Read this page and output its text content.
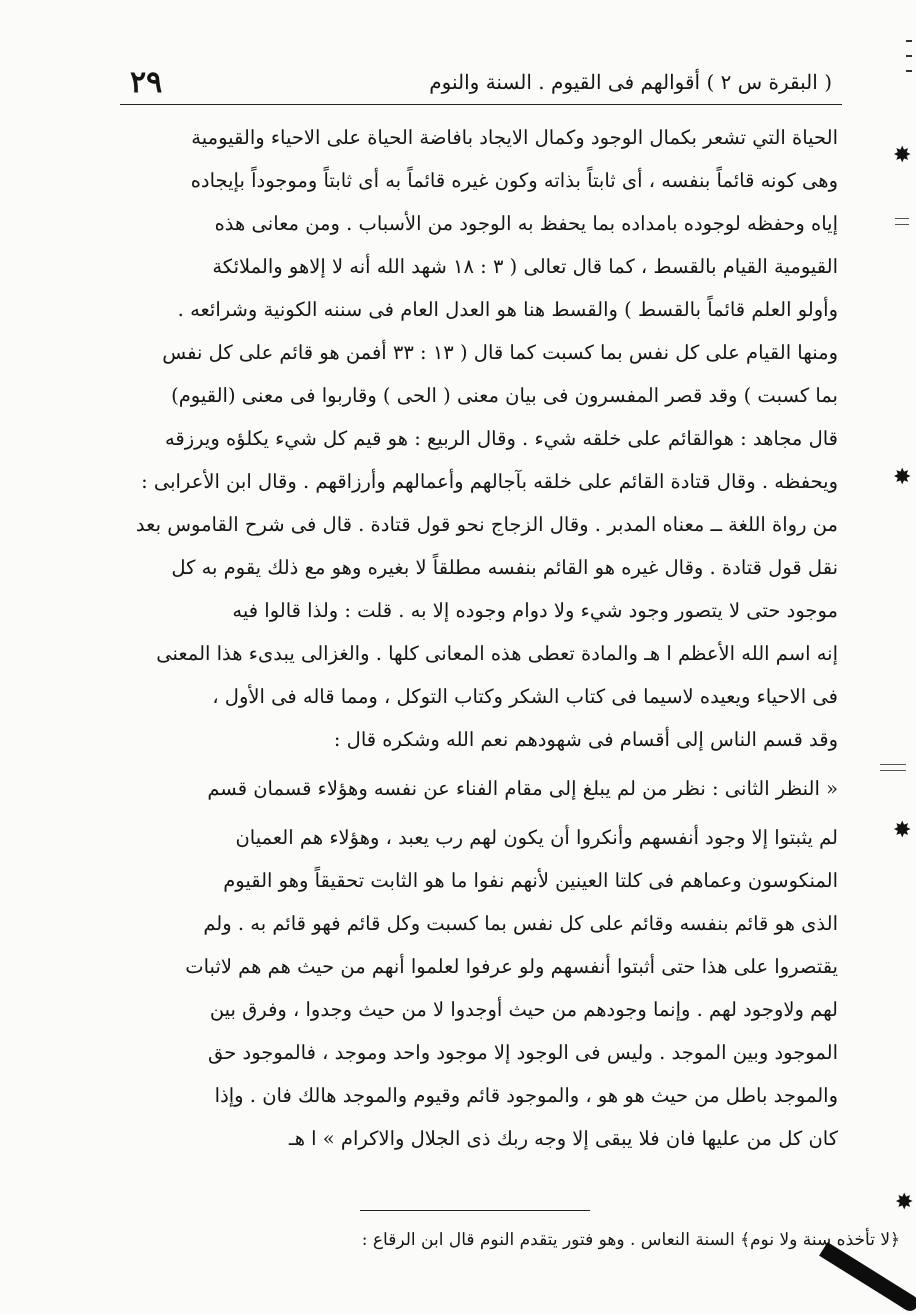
( البقرة س ٢ ) أقوالهم فى القيوم . السنة والنوم
٢٩
الحياة التي تشعر بكمال الوجود وكمال الايجاد بافاضة الحياة على الاحياء والقيومية
وهى كونه قائماً بنفسه ، أى ثابتاً بذاته وكون غيره قائماً به أى ثابتاً وموجوداً بإيجاده
إياه وحفظه لوجوده بامداده بما يحفظ به الوجود من الأسباب . ومن معانى هذه
القيومية القيام بالقسط ، كما قال تعالى ( ٣ : ١٨ شهد الله أنه لا إلاهو والملائكة
وأولو العلم قائماً بالقسط ) والقسط هنا هو العدل العام فى سننه الكونية وشرائعه .
ومنها القيام على كل نفس بما كسبت كما قال ( ١٣ : ٣٣ أفمن هو قائم على كل نفس
بما كسبت ) وقد قصر المفسرون فى بيان معنى ( الحى ) وقاربوا فى معنى (القيوم)
قال مجاهد : هوالقائم على خلقه شيء . وقال الربيع : هو قيم كل شيء يكلؤه ويرزقه
ويحفظه . وقال قتادة القائم على خلقه بآجالهم وأعمالهم وأرزاقهم . وقال ابن الأعرابى :
من رواة اللغة ــ معناه المدبر . وقال الزجاج نحو قول قتادة . قال فى شرح القاموس بعد
نقل قول قتادة . وقال غيره هو القائم بنفسه مطلقاً لا بغيره وهو مع ذلك يقوم به كل
موجود حتى لا يتصور وجود شيء ولا دوام وجوده إلا به . قلت : ولذا قالوا فيه
إنه اسم الله الأعظم ا هـ والمادة تعطى هذه المعانى كلها . والغزالى يبدىء هذا المعنى
فى الاحياء ويعيده لاسيما فى كتاب الشكر وكتاب التوكل ، ومما قاله فى الأول ،
وقد قسم الناس إلى أقسام فى شهودهم نعم الله وشكره قال :
« النظر الثانى : نظر من لم يبلغ إلى مقام الفناء عن نفسه وهؤلاء قسمان قسم
لم يثبتوا إلا وجود أنفسهم وأنكروا أن يكون لهم رب يعبد ، وهؤلاء هم العميان
المنكوسون وعماهم فى كلتا العينين لأنهم نفوا ما هو الثابت تحقيقاً وهو القيوم
الذى هو قائم بنفسه وقائم على كل نفس بما كسبت وكل قائم فهو قائم به . ولم
يقتصروا على هذا حتى أثبتوا أنفسهم ولو عرفوا لعلموا أنهم من حيث هم هم لاثبات
لهم ولاوجود لهم . وإنما وجودهم من حيث أوجدوا لا من حيث وجدوا ، وفرق بين
الموجود وبين الموجد . وليس فى الوجود إلا موجود واحد وموجد ، فالموجود حق
والموجد باطل من حيث هو هو ، والموجود قائم وقيوم والموجد هالك فان . وإذا
كان كل من عليها فان فلا يبقى إلا وجه ربك ذى الجلال والاكرام » ا هـ
﴿لا تأخذه سنة ولا نوم﴾ السنة النعاس . وهو فتور يتقدم النوم قال ابن الرقاع :
✸
✸
✸
✸
